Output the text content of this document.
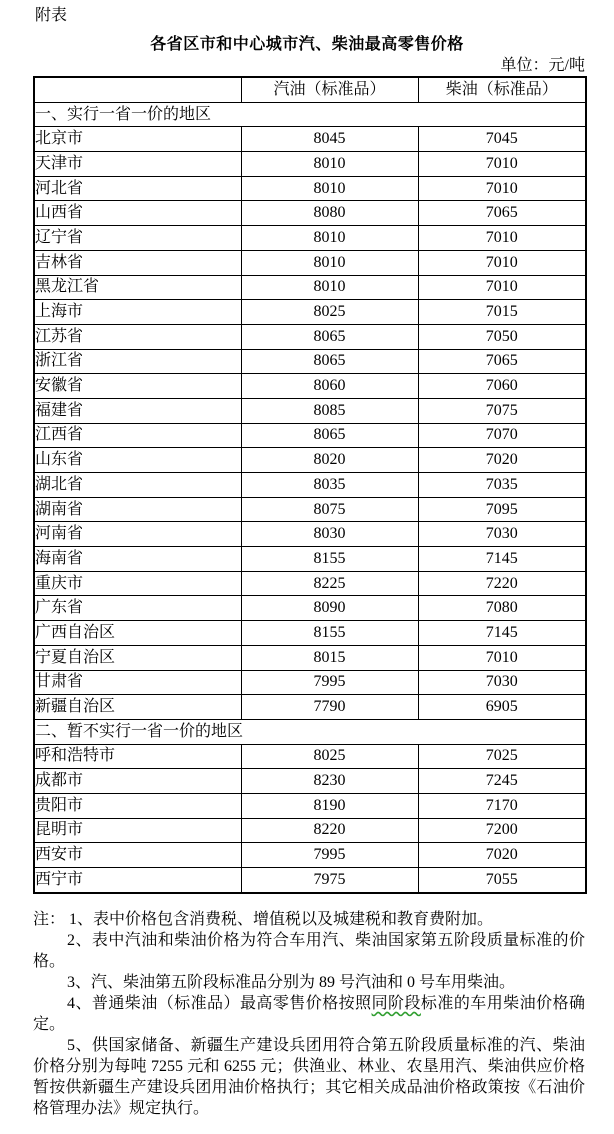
附表
各省区市和中心城市汽、柴油最高零售价格
单位：元/吨
	汽油（标准品）	柴油（标准品）
一、实行一省一价的地区		
北京市	8045	7045
天津市	8010	7010
河北省	8010	7010
山西省	8080	7065
辽宁省	8010	7010
吉林省	8010	7010
黑龙江省	8010	7010
上海市	8025	7015
江苏省	8065	7050
浙江省	8065	7065
安徽省	8060	7060
福建省	8085	7075
江西省	8065	7070
山东省	8020	7020
湖北省	8035	7035
湖南省	8075	7095
河南省	8030	7030
海南省	8155	7145
重庆市	8225	7220
广东省	8090	7080
广西自治区	8155	7145
宁夏自治区	8015	7010
甘肃省	7995	7030
新疆自治区	7790	6905
二、暂不实行一省一价的地区		
呼和浩特市	8025	7025
成都市	8230	7245
贵阳市	8190	7170
昆明市	8220	7200
西安市	7995	7020
西宁市	7975	7055

注： 1、表中价格包含消费税、增值税以及城建税和教育费附加。

2、表中汽油和柴油价格为符合车用汽、柴油国家第五阶段质量标准的价格。

3、汽、柴油第五阶段标准品分别为 89 号汽油和 0 号车用柴油。

4、普通柴油（标准品）最高零售价格按照同阶段标准的车用柴油价格确定。

5、供国家储备、新疆生产建设兵团用符合第五阶段质量标准的汽、柴油价格分别为每吨 7255 元和 6255 元；供渔业、林业、农垦用汽、柴油供应价格暂按供新疆生产建设兵团用油价格执行；其它相关成品油价格政策按《石油价格管理办法》规定执行。
